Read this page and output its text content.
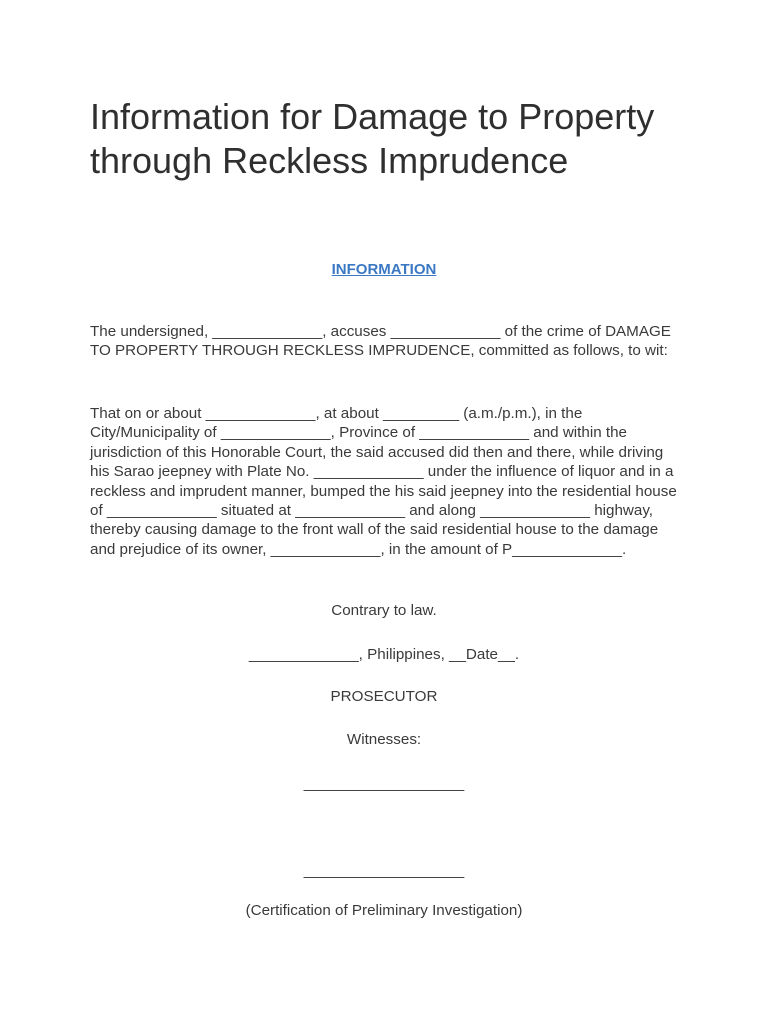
Information for Damage to Property through Reckless Imprudence

INFORMATION

The undersigned, _____________, accuses _____________ of the crime of DAMAGE TO PROPERTY THROUGH RECKLESS IMPRUDENCE, committed as follows, to wit:

That on or about _____________, at about _________ (a.m./p.m.), in the City/Municipality of _____________, Province of _____________ and within the jurisdiction of this Honorable Court, the said accused did then and there, while driving his Sarao jeepney with Plate No. _____________ under the influence of liquor and in a reckless and imprudent manner, bumped the his said jeepney into the residential house of _____________ situated at _____________ and along _____________ highway, thereby causing damage to the front wall of the said residential house to the damage and prejudice of its owner, _____________, in the amount of P_____________.

Contrary to law.

_____________, Philippines, __Date__.

PROSECUTOR

Witnesses:

___________________

___________________

(Certification of Preliminary Investigation)
